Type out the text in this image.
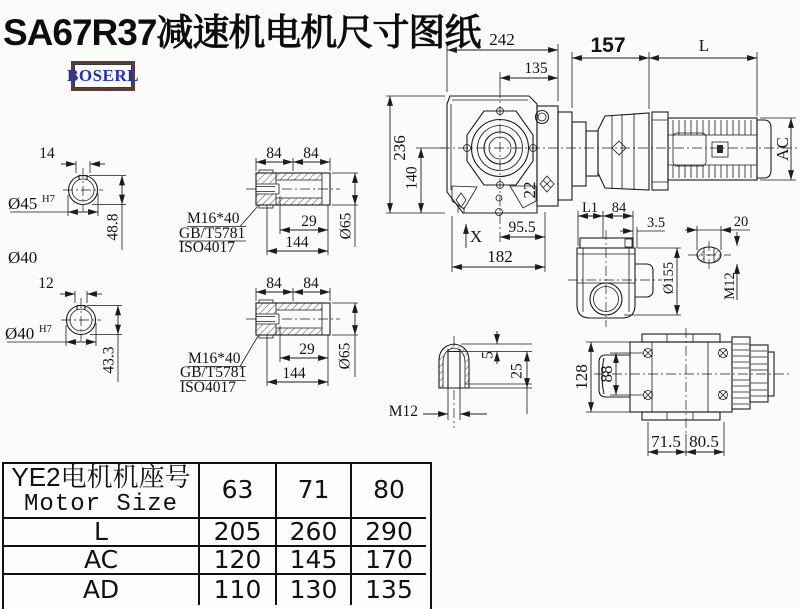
SA67R37减速机电机尺寸图纸
BOSERL
14
48.8
Ø45 H7
Ø40
12
43.3
Ø40 H7
84 84
29
144
Ø65
M16*40
GB/T5781
ISO4017
84 84
29
144
Ø65
M16*40
GB/T5781
ISO4017
242
135
236
140
22
X 95.5
182
157	L
AC
L1 84
3.5
Ø155
20
M12
128 88
71.5 80.5
5
25
M12
YE2电机机座号
Motor Size	63	71	80
L	205	260	290
AC	120	145	170
AD	110	130	135
